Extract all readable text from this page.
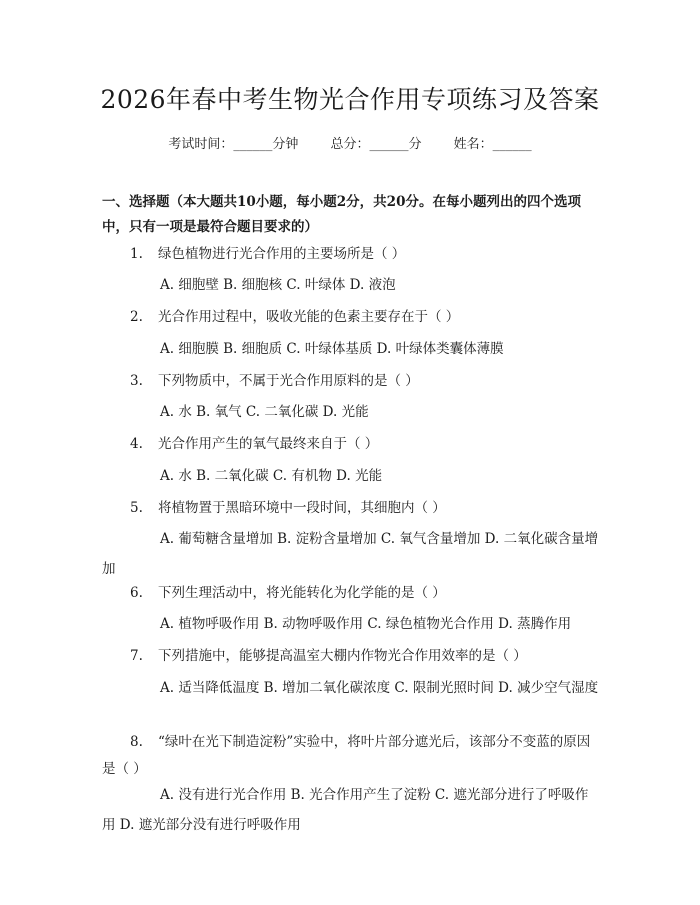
2026年春中考生物光合作用专项练习及答案
考试时间：______分钟 总分：______分 姓名：______
一、选择题（本大题共10小题，每小题2分，共20分。在每小题列出的四个选项中，只有一项是最符合题目要求的）
1. 绿色植物进行光合作用的主要场所是（ ）
A. 细胞壁 B. 细胞核 C. 叶绿体 D. 液泡
2. 光合作用过程中，吸收光能的色素主要存在于（ ）
A. 细胞膜 B. 细胞质 C. 叶绿体基质 D. 叶绿体类囊体薄膜
3. 下列物质中，不属于光合作用原料的是（ ）
A. 水 B. 氧气 C. 二氧化碳 D. 光能
4. 光合作用产生的氧气最终来自于（ ）
A. 水 B. 二氧化碳 C. 有机物 D. 光能
5. 将植物置于黑暗环境中一段时间，其细胞内（ ）
A. 葡萄糖含量增加 B. 淀粉含量增加 C. 氧气含量增加 D. 二氧化碳含量增加
6. 下列生理活动中，将光能转化为化学能的是（ ）
A. 植物呼吸作用 B. 动物呼吸作用 C. 绿色植物光合作用 D. 蒸腾作用
7. 下列措施中，能够提高温室大棚内作物光合作用效率的是（ ）
A. 适当降低温度 B. 增加二氧化碳浓度 C. 限制光照时间 D. 减少空气湿度
8. “绿叶在光下制造淀粉”实验中，将叶片部分遮光后，该部分不变蓝的原因是（ ）
A. 没有进行光合作用 B. 光合作用产生了淀粉 C. 遮光部分进行了呼吸作用 D. 遮光部分没有进行呼吸作用
